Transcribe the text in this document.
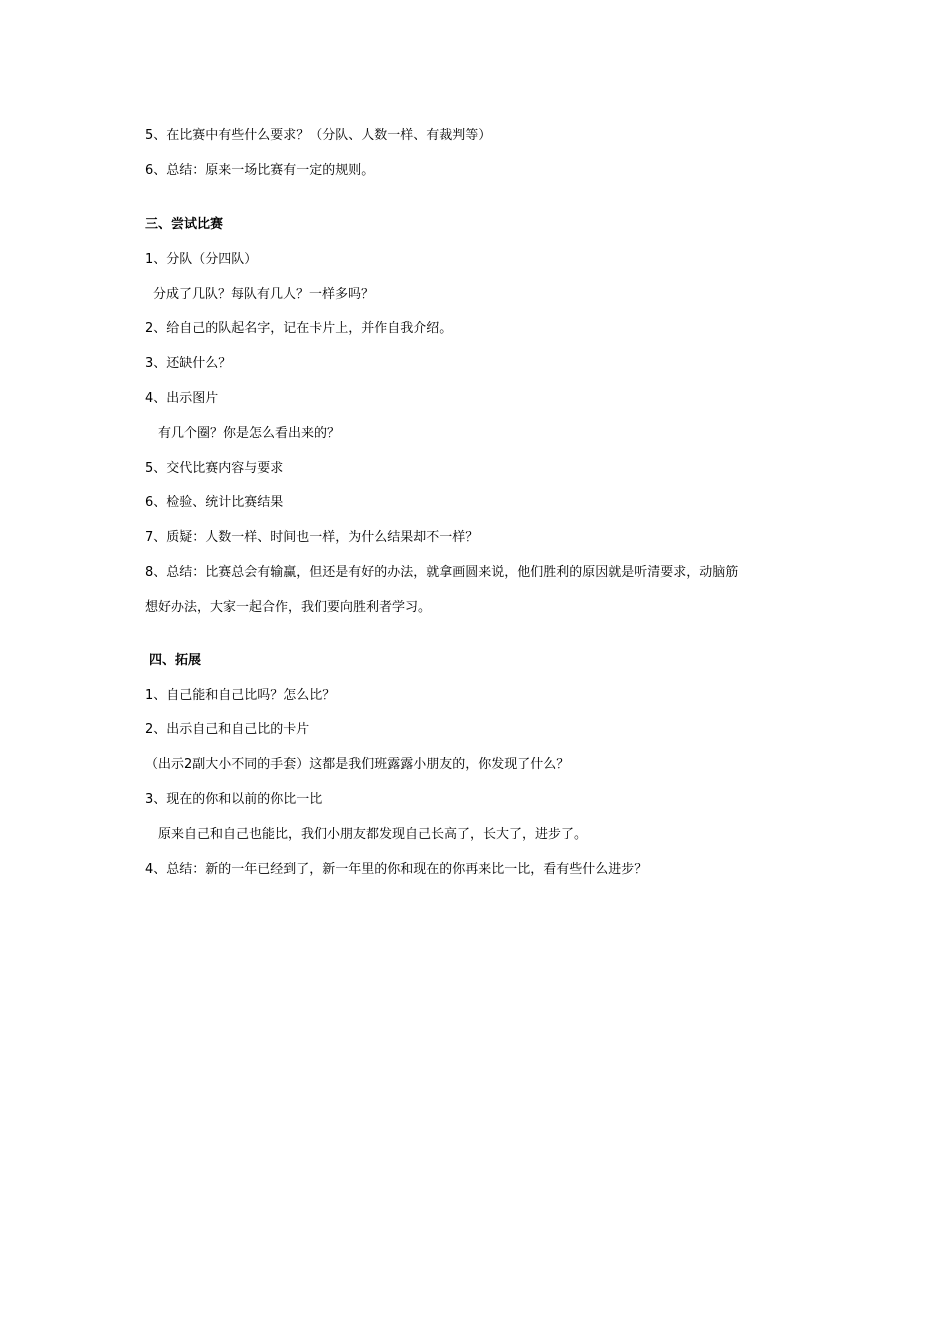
5、在比赛中有些什么要求？（分队、人数一样、有裁判等）
6、总结：原来一场比赛有一定的规则。
三、尝试比赛
1、分队（分四队）
分成了几队？每队有几人？一样多吗？
2、给自己的队起名字，记在卡片上，并作自我介绍。
3、还缺什么？
4、出示图片
有几个圈？你是怎么看出来的？
5、交代比赛内容与要求
6、检验、统计比赛结果
7、质疑：人数一样、时间也一样，为什么结果却不一样？
8、总结：比赛总会有输赢，但还是有好的办法，就拿画圆来说，他们胜利的原因就是听清要求，动脑筋
想好办法，大家一起合作，我们要向胜利者学习。
四、拓展
1、自己能和自己比吗？怎么比？
2、出示自己和自己比的卡片
（出示2副大小不同的手套）这都是我们班露露小朋友的，你发现了什么？
3、现在的你和以前的你比一比
原来自己和自己也能比，我们小朋友都发现自己长高了，长大了，进步了。
4、总结：新的一年已经到了，新一年里的你和现在的你再来比一比，看有些什么进步？
